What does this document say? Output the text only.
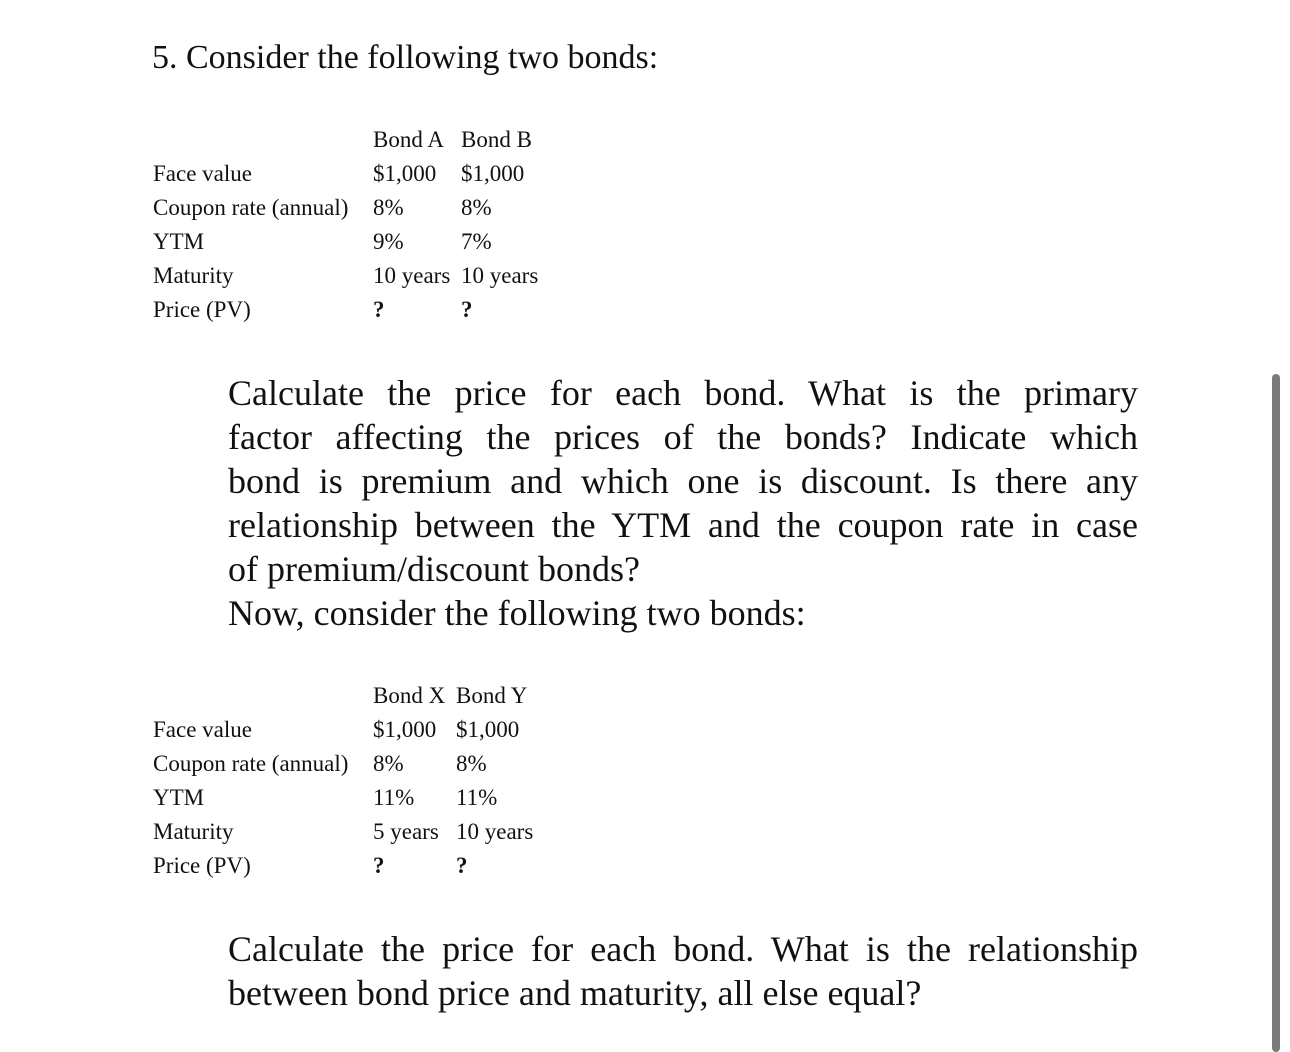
5. Consider the following two bonds:
Bond A Bond B
Face value	$1,000 $1,000
Coupon rate (annual) 8% 8%
YTM	9% 7%
Maturity	10 years 10 years
Price (PV)	?	?

Calculate the price for each bond. What is the primary
factor affecting the prices of the bonds? Indicate which
bond is premium and which one is discount. Is there any
relationship between the YTM and the coupon rate in case
of premium/discount bonds?
Now, consider the following two bonds:

Bond X Bond Y
Face value	$1,000 $1,000
Coupon rate (annual) 8% 8%
YTM	11% 11%
Maturity	5 years 10 years
Price (PV)	?	?

Calculate the price for each bond. What is the relationship
between bond price and maturity, all else equal?
